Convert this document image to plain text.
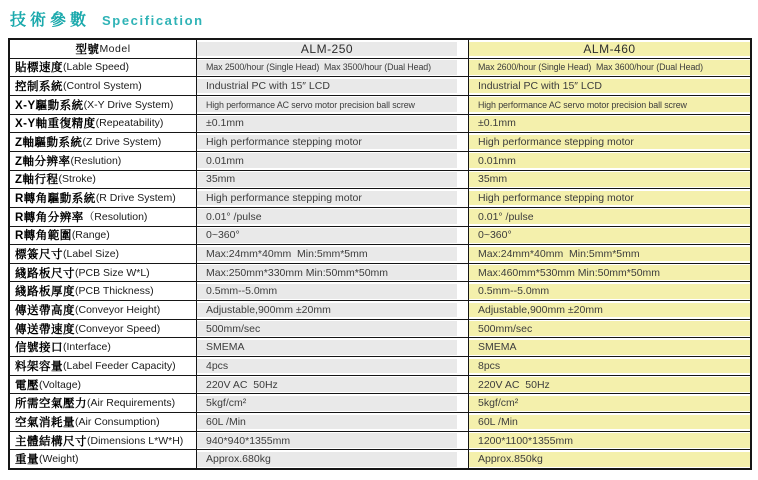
技術參數 Specification
型號 Model	ALM-250	ALM-460
貼標速度 (Lable Speed)	Max 2500/hour (Single Head)  Max 3500/hour (Dual Head)	Max 2600/hour (Single Head)  Max 3600/hour (Dual Head)
控制系統 (Control System)	Industrial PC with 15″ LCD	Industrial PC with 15″ LCD
X-Y驅動系統 (X-Y Drive System)	High performance AC servo motor precision ball screw	High performance AC servo motor precision ball screw
X-Y軸重復精度 (Repeatability)	±0.1mm	±0.1mm
Z軸驅動系統 (Z Drive System)	High performance stepping motor	High performance stepping motor
Z軸分辨率 (Reslution)	0.01mm	0.01mm
Z軸行程 (Stroke)	35mm	35mm
R轉角驅動系統 (R Drive System)	High performance stepping motor	High performance stepping motor
R轉角分辨率 （Resolution)	0.01° /pulse	0.01° /pulse
R轉角範圍 (Range)	0~360°	0~360°
標簽尺寸 (Label Size)	Max:24mm*40mm  Min:5mm*5mm	Max:24mm*40mm  Min:5mm*5mm
綫路板尺寸 (PCB Size W*L)	Max:250mm*330mm Min:50mm*50mm	Max:460mm*530mm Min:50mm*50mm
綫路板厚度 (PCB Thickness)	0.5mm--5.0mm	0.5mm--5.0mm
傳送帶高度 (Conveyor Height)	Adjustable,900mm ±20mm	Adjustable,900mm ±20mm
傳送帶速度 (Conveyor Speed)	500mm/sec	500mm/sec
信號接口 (Interface)	SMEMA	SMEMA
料架容量 (Label Feeder Capacity)	4pcs	8pcs
電壓 (Voltage)	220V AC  50Hz	220V AC  50Hz
所需空氣壓力 (Air Requirements)	5kgf/cm²	5kgf/cm²
空氣消耗量 (Air Consumption)	60L /Min	60L /Min
主體結構尺寸 (Dimensions L*W*H)	940*940*1355mm	1200*1100*1355mm
重量 (Weight)	Approx.680kg	Approx.850kg
